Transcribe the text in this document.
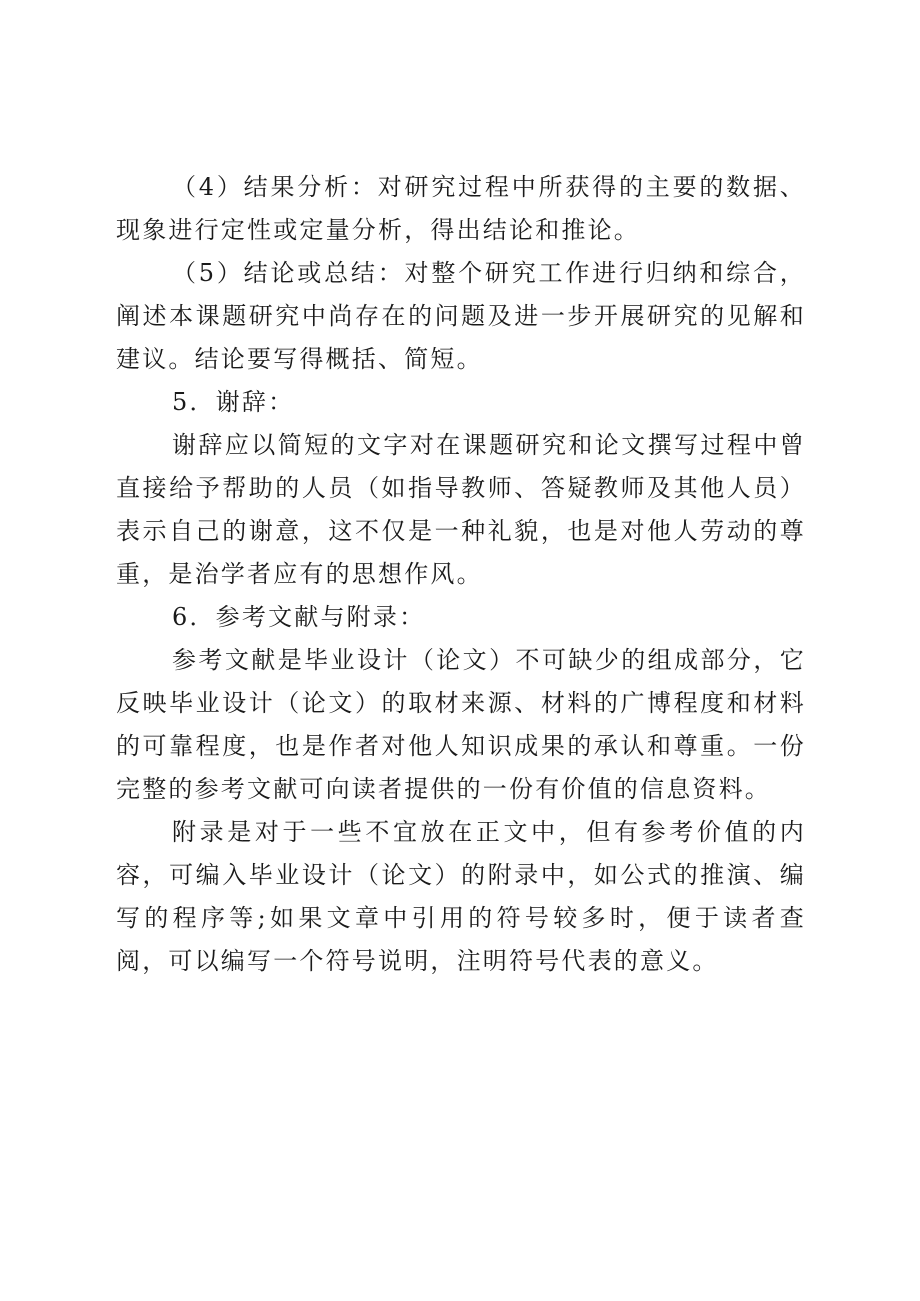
（4）结果分析：对研究过程中所获得的主要的数据、现象进行定性或定量分析，得出结论和推论。

（5）结论或总结：对整个研究工作进行归纳和综合，阐述本课题研究中尚存在的问题及进一步开展研究的见解和建议。结论要写得概括、简短。

5．谢辞：

谢辞应以简短的文字对在课题研究和论文撰写过程中曾直接给予帮助的人员（如指导教师、答疑教师及其他人员）表示自己的谢意，这不仅是一种礼貌，也是对他人劳动的尊重，是治学者应有的思想作风。

6．参考文献与附录：

参考文献是毕业设计（论文）不可缺少的组成部分，它反映毕业设计（论文）的取材来源、材料的广博程度和材料的可靠程度，也是作者对他人知识成果的承认和尊重。一份完整的参考文献可向读者提供的一份有价值的信息资料。

附录是对于一些不宜放在正文中，但有参考价值的内容，可编入毕业设计（论文）的附录中，如公式的推演、编写的程序等;如果文章中引用的符号较多时，便于读者查阅，可以编写一个符号说明，注明符号代表的意义。
